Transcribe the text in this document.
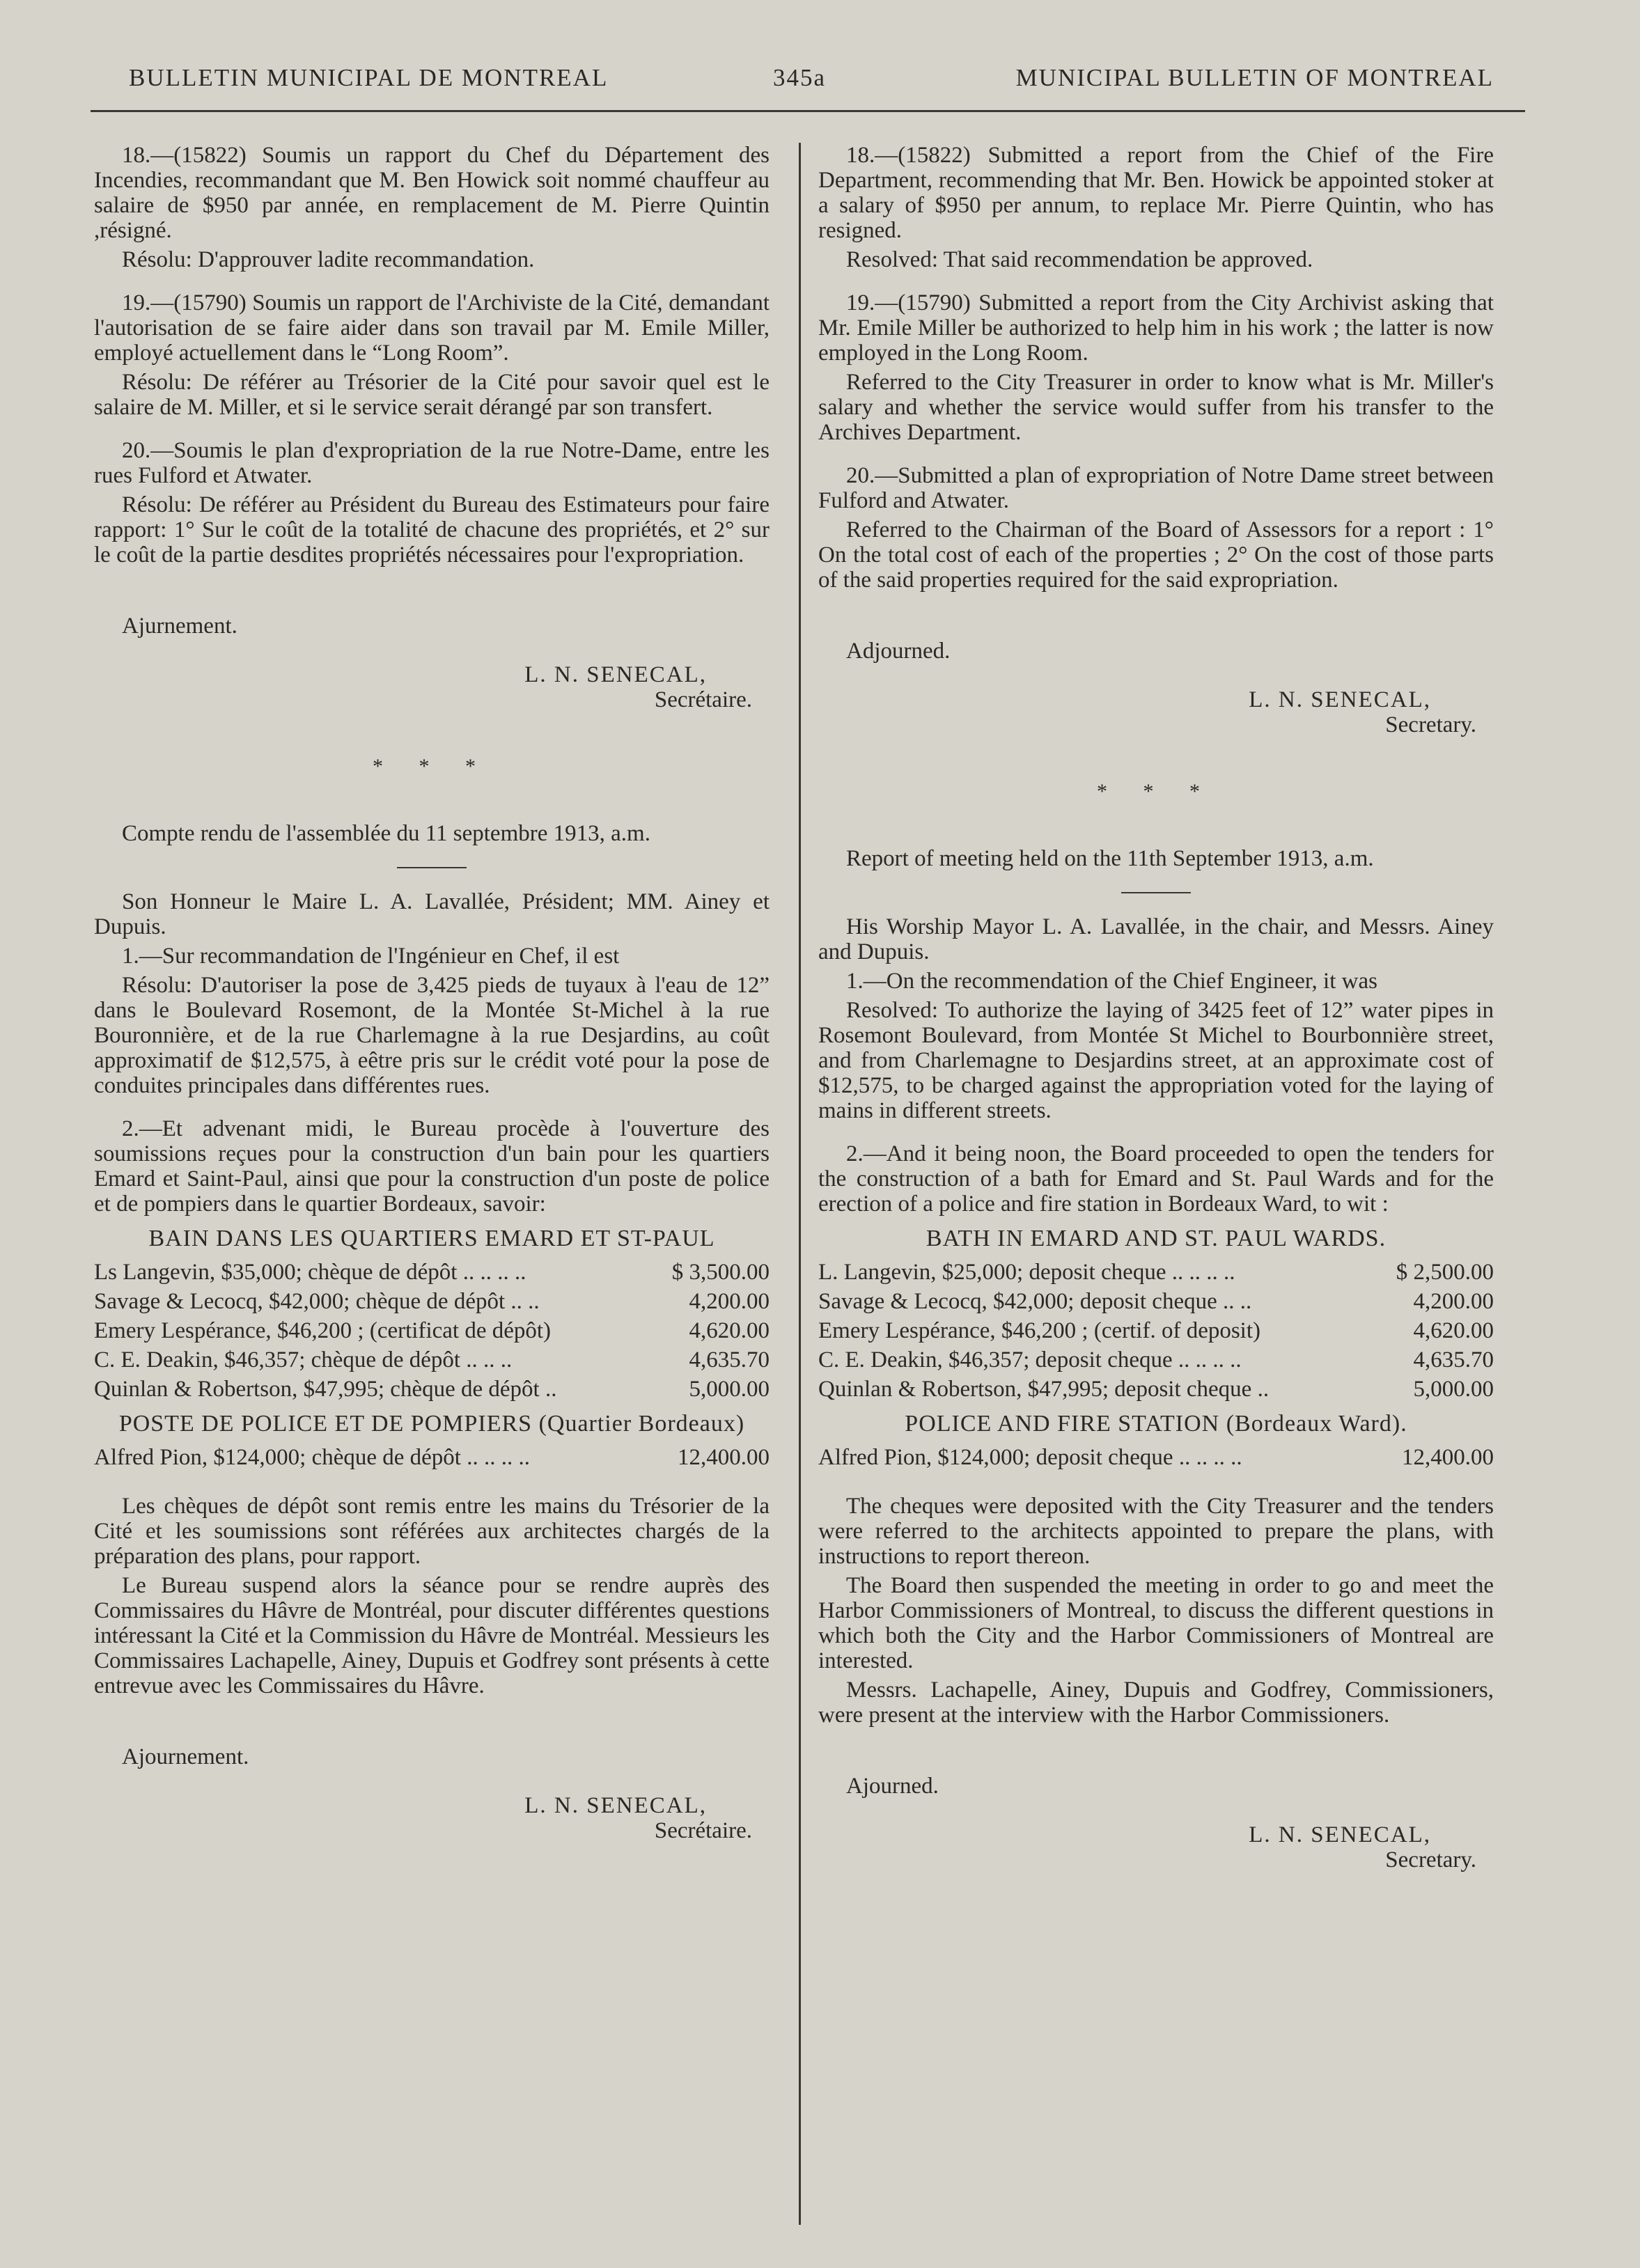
BULLETIN MUNICIPAL DE MONTREAL	345a	MUNICIPAL BULLETIN OF MONTREAL

18.—(15822) Soumis un rapport du Chef du Département des Incendies, recommandant que M. Ben Howick soit nommé chauffeur au salaire de $950 par année, en remplacement de M. Pierre Quintin ,résigné.

Résolu: D'approuver ladite recommandation.

19.—(15790) Soumis un rapport de l'Archiviste de la Cité, demandant l'autorisation de se faire aider dans son travail par M. Emile Miller, employé actuellement dans le “Long Room”.

Résolu: De référer au Trésorier de la Cité pour savoir quel est le salaire de M. Miller, et si le service serait dérangé par son transfert.

20.—Soumis le plan d'expropriation de la rue Notre-Dame, entre les rues Fulford et Atwater.

Résolu: De référer au Président du Bureau des Estimateurs pour faire rapport: 1° Sur le coût de la totalité de chacune des propriétés, et 2° sur le coût de la partie desdites propriétés nécessaires pour l'expropriation.

Ajurnement.

L. N. SENECAL,
Secrétaire.
* * *

Compte rendu de l'assemblée du 11 septembre 1913, a.m.

Son Honneur le Maire L. A. Lavallée, Président; MM. Ainey et Dupuis.

1.—Sur recommandation de l'Ingénieur en Chef, il est

Résolu: D'autoriser la pose de 3,425 pieds de tuyaux à l'eau de 12” dans le Boulevard Rosemont, de la Montée St-Michel à la rue Bouronnière, et de la rue Charlemagne à la rue Desjardins, au coût approximatif de $12,575, à eêtre pris sur le crédit voté pour la pose de conduites principales dans différentes rues.

2.—Et advenant midi, le Bureau procède à l'ouverture des soumissions reçues pour la construction d'un bain pour les quartiers Emard et Saint-Paul, ainsi que pour la construction d'un poste de police et de pompiers dans le quartier Bordeaux, savoir:

BAIN DANS LES QUARTIERS EMARD ET ST-PAUL
Ls Langevin, $35,000; chèque de dépôt .. .. .. ..	$ 3,500.00
Savage & Lecocq, $42,000; chèque de dépôt .. ..	4,200.00
Emery Lespérance, $46,200 ; (certificat de dépôt)	4,620.00
C. E. Deakin, $46,357; chèque de dépôt .. .. ..	4,635.70
Quinlan & Robertson, $47,995; chèque de dépôt ..	5,000.00
POSTE DE POLICE ET DE POMPIERS (Quartier Bordeaux)
Alfred Pion, $124,000; chèque de dépôt .. .. .. ..	12,400.00

Les chèques de dépôt sont remis entre les mains du Trésorier de la Cité et les soumissions sont référées aux architectes chargés de la préparation des plans, pour rapport.

Le Bureau suspend alors la séance pour se rendre auprès des Commissaires du Hâvre de Montréal, pour discuter différentes questions intéressant la Cité et la Commission du Hâvre de Montréal. Messieurs les Commissaires Lachapelle, Ainey, Dupuis et Godfrey sont présents à cette entrevue avec les Commissaires du Hâvre.

Ajournement.

L. N. SENECAL,
Secrétaire.

18.—(15822) Submitted a report from the Chief of the Fire Department, recommending that Mr. Ben. Howick be appointed stoker at a salary of $950 per annum, to replace Mr. Pierre Quintin, who has resigned.

Resolved: That said recommendation be approved.

19.—(15790) Submitted a report from the City Archivist asking that Mr. Emile Miller be authorized to help him in his work ; the latter is now employed in the Long Room.

Referred to the City Treasurer in order to know what is Mr. Miller's salary and whether the service would suffer from his transfer to the Archives Department.

20.—Submitted a plan of expropriation of Notre Dame street between Fulford and Atwater.

Referred to the Chairman of the Board of Assessors for a report : 1° On the total cost of each of the properties ; 2° On the cost of those parts of the said properties required for the said expropriation.

Adjourned.

L. N. SENECAL,
Secretary.
* * *

Report of meeting held on the 11th September 1913, a.m.

His Worship Mayor L. A. Lavallée, in the chair, and Messrs. Ainey and Dupuis.

1.—On the recommendation of the Chief Engineer, it was

Resolved: To authorize the laying of 3425 feet of 12” water pipes in Rosemont Boulevard, from Montée St Michel to Bourbonnière street, and from Charlemagne to Desjardins street, at an approximate cost of $12,575, to be charged against the appropriation voted for the laying of mains in different streets.

2.—And it being noon, the Board proceeded to open the tenders for the construction of a bath for Emard and St. Paul Wards and for the erection of a police and fire station in Bordeaux Ward, to wit :

BATH IN EMARD AND ST. PAUL WARDS.
L. Langevin, $25,000; deposit cheque .. .. .. ..	$ 2,500.00
Savage & Lecocq, $42,000; deposit cheque .. ..	4,200.00
Emery Lespérance, $46,200 ; (certif. of deposit)	4,620.00
C. E. Deakin, $46,357; deposit cheque .. .. .. ..	4,635.70
Quinlan & Robertson, $47,995; deposit cheque ..	5,000.00
POLICE AND FIRE STATION (Bordeaux Ward).
Alfred Pion, $124,000; deposit cheque .. .. .. ..	12,400.00

The cheques were deposited with the City Treasurer and the tenders were referred to the architects appointed to prepare the plans, with instructions to report thereon.

The Board then suspended the meeting in order to go and meet the Harbor Commissioners of Montreal, to discuss the different questions in which both the City and the Harbor Commissioners of Montreal are interested.

Messrs. Lachapelle, Ainey, Dupuis and Godfrey, Commissioners, were present at the interview with the Harbor Commissioners.

Ajourned.

L. N. SENECAL,
Secretary.
